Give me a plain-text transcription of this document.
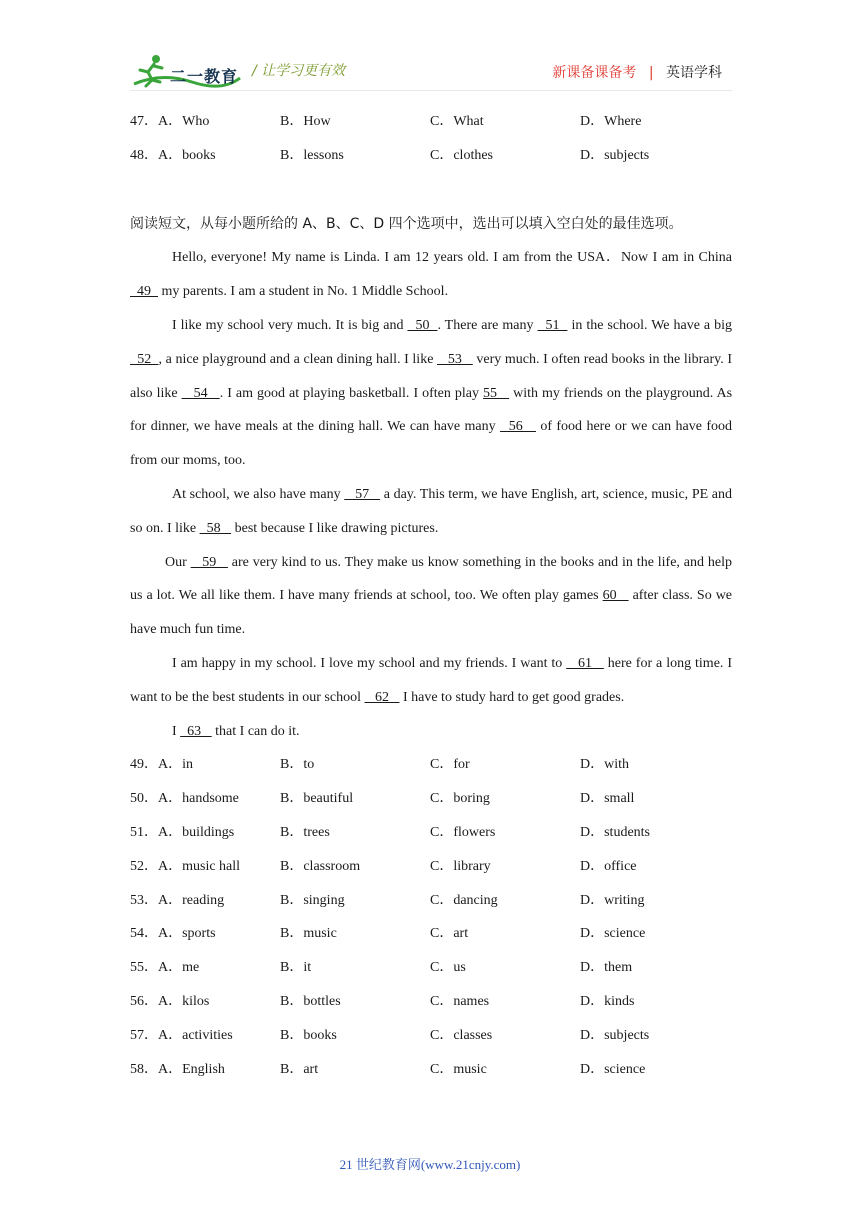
二一教育 / 让学习更有效	新课备课备考 | 英语学科
47．A．Who	B．How	C．What	D．Where
48．A．books	B．lessons	C．clothes	D．subjects
阅读短文，从每小题所给的 A、B、C、D 四个选项中，选出可以填入空白处的最佳选项。

Hello, everyone! My name is Linda. I am 12 years old. I am from the USA．Now I am in China   49   my parents. I am a student in No. 1 Middle School.

I like my school very much. It is big and   50  . There are many   51   in the school. We have a big   52  , a nice playground and a clean dining hall. I like    53    very much. I often read books in the library. I also like    54   . I am good at playing basketball. I often play 55    with my friends on the playground. As for dinner, we have meals at the dining hall. We can have many   56    of food here or we can have food from our moms, too.

At school, we also have many    57    a day. This term, we have English, art, science, music, PE and so on. I like   58    best because I like drawing pictures.

Our    59    are very kind to us. They make us know something in the books and in the life, and help us a lot. We all like them. I have many friends at school, too. We often play games 60    after class. So we have much fun time.

I am happy in my school. I love my school and my friends. I want to    61    here for a long time. I want to be the best students in our school    62    I have to study hard to get good grades.

I   63    that I can do it.

49．A．in	B．to	C．for	D．with
50．A．handsome	B．beautiful	C．boring	D．small
51．A．buildings	B．trees	C．flowers	D．students
52．A．music hall	B．classroom	C．library	D．office
53．A．reading	B．singing	C．dancing	D．writing
54．A．sports	B．music	C．art	D．science
55．A．me	B．it	C．us	D．them
56．A．kilos	B．bottles	C．names	D．kinds
57．A．activities	B．books	C．classes	D．subjects
58．A．English	B．art	C．music	D．science
21 世纪教育网(www.21cnjy.com)
